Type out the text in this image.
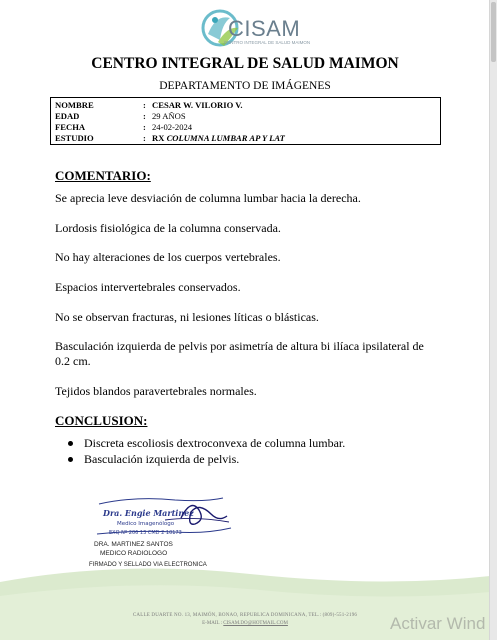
CISAM
CENTRO INTEGRAL DE SALUD MAIMON
CENTRO INTEGRAL DE SALUD MAIMON
DEPARTAMENTO DE IMÁGENES
NOMBRE	: CESAR W. VILORIO V.
EDAD	: 29 AÑOS
FECHA	: 24-02-2024
ESTUDIO	: RX COLUMNA LUMBAR AP Y LAT
COMENTARIO:
Se aprecia leve desviación de columna lumbar hacia la derecha.
Lordosis fisiológica de la columna conservada.
No hay alteraciones de los cuerpos vertebrales.
Espacios intervertebrales conservados.
No se observan fracturas, ni lesiones líticas o blásticas.
Basculación izquierda de pelvis por asimetría de altura bi ilíaca ipsilateral de 0.2 cm.
Tejidos blandos paravertebrales normales.
CONCLUSION:
Discreta escoliosis dextroconvexa de columna lumbar.
Basculación izquierda de pelvis.
Dra. Engie Martinez
Medico Imagenólogo
EXQ Nº 206 13 CMD 2 10173
DRA. MARTINEZ SANTOS
MEDICO RADIOLOGO
FIRMADO Y SELLADO VIA ELECTRONICA
CALLE DUARTE NO. 13, MAIMÓN, BONAO, REPUBLICA DOMINICANA, TEL.: (809)-551-2196
E-MAIL : CISAM.DO@HOTMAIL.COM	Activar Wind
